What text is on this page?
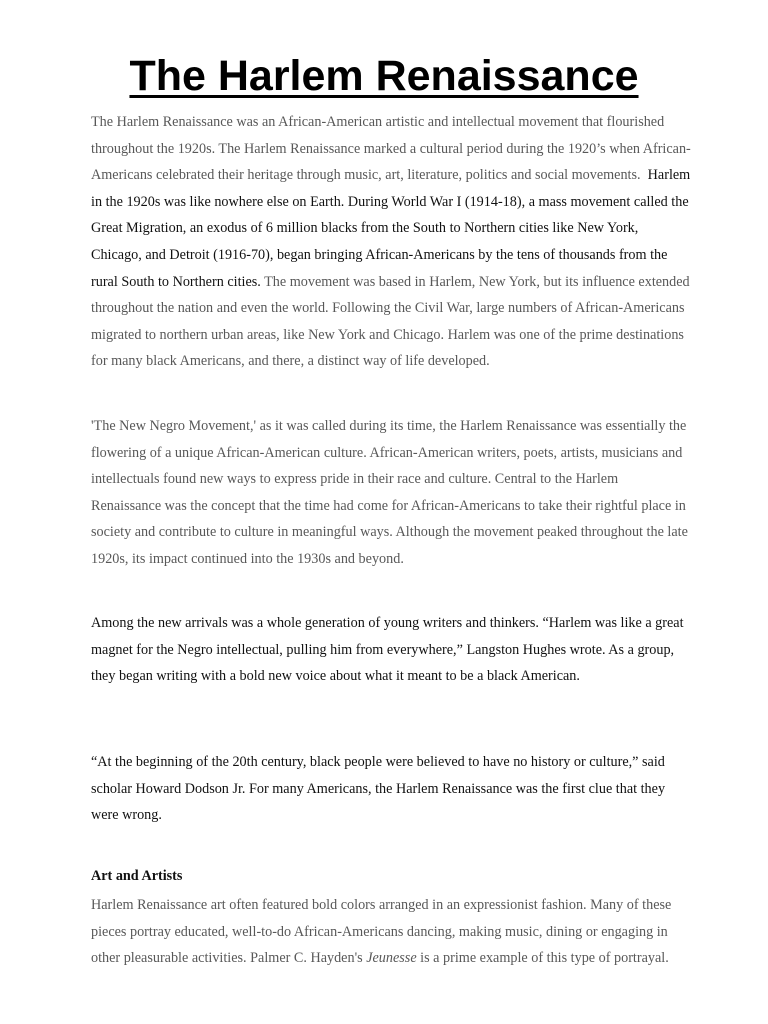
The Harlem Renaissance

The Harlem Renaissance was an African-American artistic and intellectual movement that flourished throughout the 1920s. The Harlem Renaissance marked a cultural period during the 1920’s when African-Americans celebrated their heritage through music, art, literature, politics and social movements.  Harlem in the 1920s was like nowhere else on Earth. During World War I (1914-18), a mass movement called the Great Migration, an exodus of 6 million blacks from the South to Northern cities like New York, Chicago, and Detroit (1916-70), began bringing African-Americans by the tens of thousands from the rural South to Northern cities. The movement was based in Harlem, New York, but its influence extended throughout the nation and even the world. Following the Civil War, large numbers of African-Americans migrated to northern urban areas, like New York and Chicago. Harlem was one of the prime destinations for many black Americans, and there, a distinct way of life developed.

'The New Negro Movement,' as it was called during its time, the Harlem Renaissance was essentially the flowering of a unique African-American culture. African-American writers, poets, artists, musicians and intellectuals found new ways to express pride in their race and culture. Central to the Harlem Renaissance was the concept that the time had come for African-Americans to take their rightful place in society and contribute to culture in meaningful ways. Although the movement peaked throughout the late 1920s, its impact continued into the 1930s and beyond.

Among the new arrivals was a whole generation of young writers and thinkers. “Harlem was like a great magnet for the Negro intellectual, pulling him from everywhere,” Langston Hughes wrote. As a group, they began writing with a bold new voice about what it meant to be a black American.

“At the beginning of the 20th century, black people were believed to have no history or culture,” said scholar Howard Dodson Jr. For many Americans, the Harlem Renaissance was the first clue that they were wrong.

Art and Artists

Harlem Renaissance art often featured bold colors arranged in an expressionist fashion. Many of these pieces portray educated, well-to-do African-Americans dancing, making music, dining or engaging in other pleasurable activities. Palmer C. Hayden's Jeunesse is a prime example of this type of portrayal.
